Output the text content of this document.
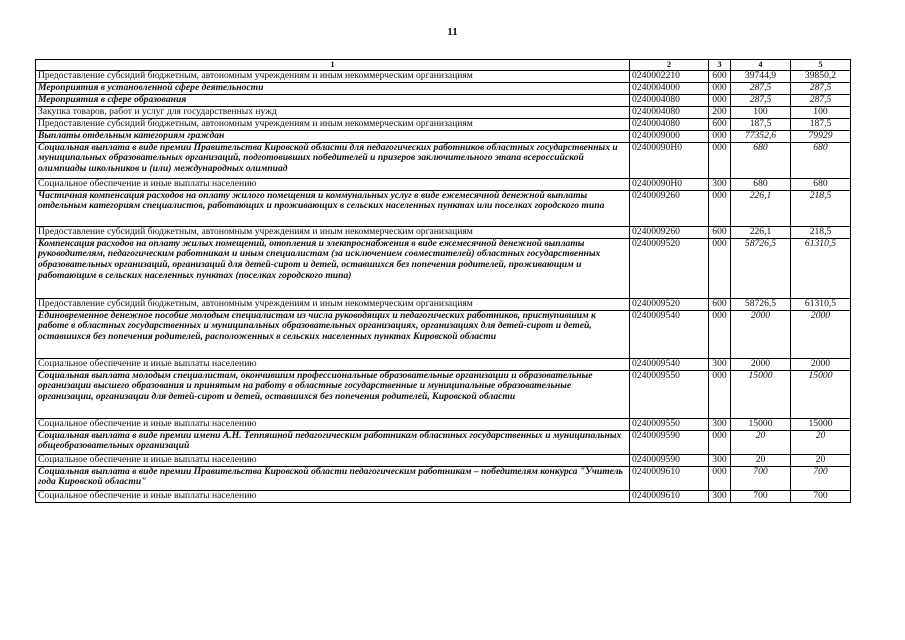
11
1	2	3	4	5
Предоставление субсидий бюджетным, автономным учреждениям и иным некоммерческим организациям	0240002210	600	39744,9	39850,2
Мероприятия в установленной сфере деятельности	0240004000	000	287,5	287,5
Мероприятия в сфере образования	0240004080	000	287,5	287,5
Закупка товаров, работ и услуг для государственных нужд	0240004080	200	100	100
Предоставление субсидий бюджетным, автономным учреждениям и иным некоммерческим организациям	0240004080	600	187,5	187,5
Выплаты отдельным категориям граждан	0240009000	000	77352,6	79929
Социальная выплата в виде премии Правительства Кировской области для педагогических работников областных государственных и муниципальных образовательных организаций, подготовивших победителей и призеров заключительного этапа всероссийской олимпиады школьников и (или) международных олимпиад	02400090Н0	000	680	680
Социальное обеспечение и иные выплаты населению	02400090Н0	300	680	680
Частичная компенсация расходов на оплату жилого помещения и коммунальных услуг в виде ежемесячной денежной выплаты отдельным категориям специалистов, работающих и проживающих в сельских населенных пунктах или поселках городского типа	0240009260	000	226,1	218,5
Предоставление субсидий бюджетным, автономным учреждениям и иным некоммерческим организациям	0240009260	600	226,1	218,5
Компенсация расходов на оплату жилых помещений, отопления и электроснабжения в виде ежемесячной денежной выплаты руководителям, педагогическим работникам и иным специалистам (за исключением совместителей) областных государственных образовательных организаций, организаций для детей-сирот и детей, оставшихся без попечения родителей, проживающим и работающим в сельских населенных пунктах (поселках городского типа)	0240009520	000	58726,5	61310,5
Предоставление субсидий бюджетным, автономным учреждениям и иным некоммерческим организациям	0240009520	600	58726,5	61310,5
Единовременное денежное пособие молодым специалистам из числа руководящих и педагогических работников, приступившим к работе в областных государственных и муниципальных образовательных организациях, организациях для детей-сирот и детей, оставшихся без попечения родителей, расположенных в сельских населенных пунктах Кировской области	0240009540	000	2000	2000
Социальное обеспечение и иные выплаты населению	0240009540	300	2000	2000
Социальная выплата молодым специалистам, окончившим профессиональные образовательные организации и образовательные организации высшего образования и принятым на работу в областные государственные и муниципальные образовательные организации, организации для детей-сирот и детей, оставшихся без попечения родителей, Кировской области	0240009550	000	15000	15000
Социальное обеспечение и иные выплаты населению	0240009550	300	15000	15000
Социальная выплата в виде премии имени А.Н. Теппяшной педагогическим работникам областных государственных и муниципальных общеобразовательных организаций	0240009590	000	20	20
Социальное обеспечение и иные выплаты населению	0240009590	300	20	20
Социальная выплата в виде премии Правительства Кировской области педагогическим работникам – победителям конкурса "Учитель года Кировской области"	0240009610	000	700	700
Социальное обеспечение и иные выплаты населению	0240009610	300	700	700
